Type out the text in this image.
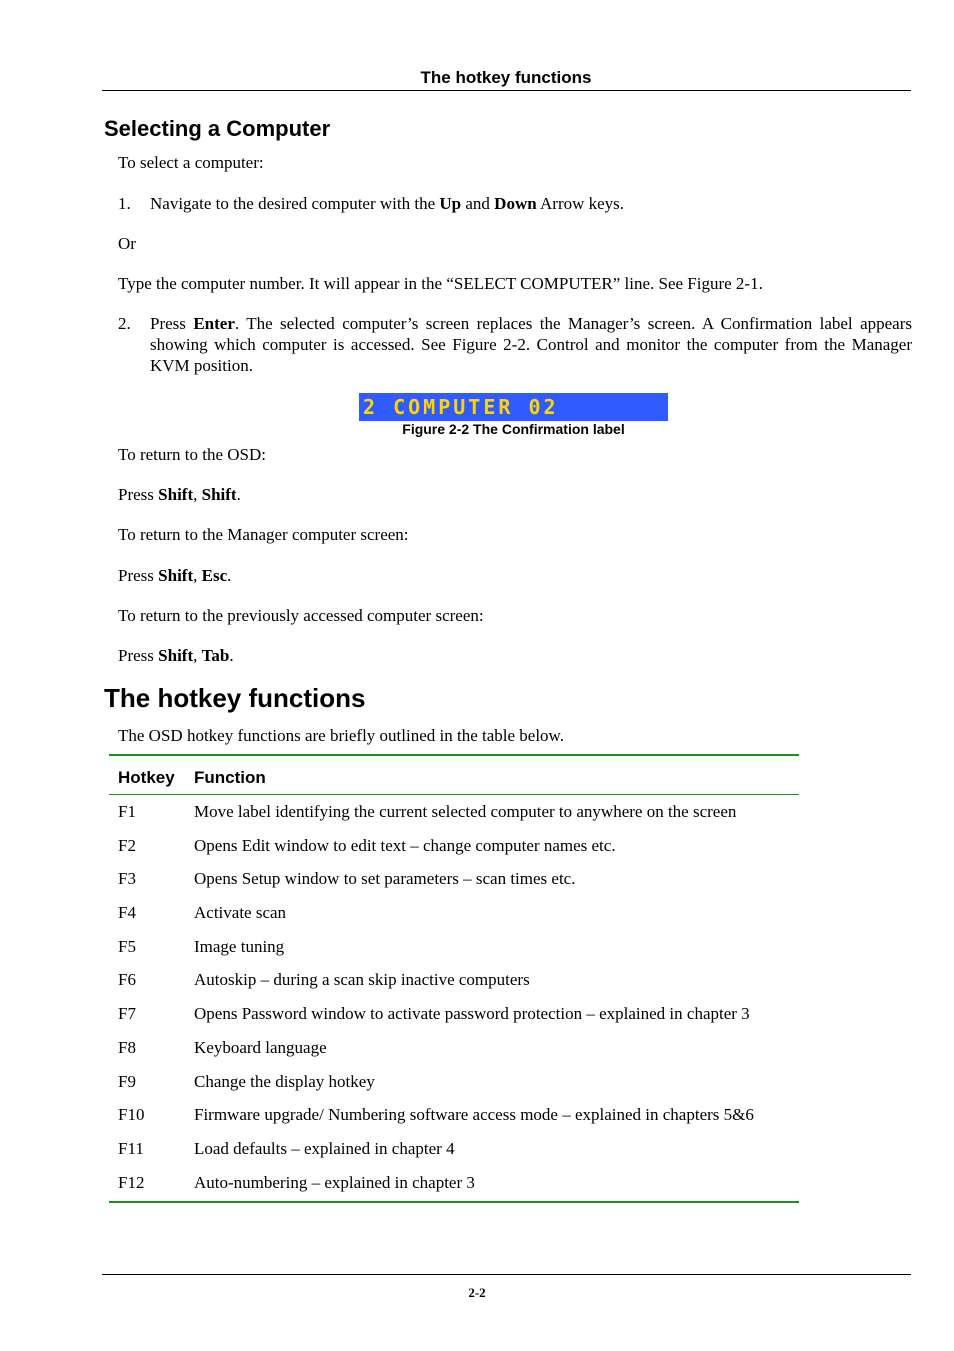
The hotkey functions
Selecting a Computer
To select a computer:
1. Navigate to the desired computer with the Up and Down Arrow keys.
Or
Type the computer number. It will appear in the “SELECT COMPUTER” line. See Figure 2-1.
2. Press Enter. The selected computer’s screen replaces the Manager’s screen. A Confirmation label appears showing which computer is accessed. See Figure 2-2. Control and monitor the computer from the Manager KVM position.
2 COMPUTER 02
Figure 2-2 The Confirmation label
To return to the OSD:
Press Shift, Shift.
To return to the Manager computer screen:
Press Shift, Esc.
To return to the previously accessed computer screen:
Press Shift, Tab.
The hotkey functions
The OSD hotkey functions are briefly outlined in the table below.
Hotkey Function
F1	Move label identifying the current selected computer to anywhere on the screen
F2	Opens Edit window to edit text – change computer names etc.
F3	Opens Setup window to set parameters – scan times etc.
F4	Activate scan
F5	Image tuning
F6	Autoskip – during a scan skip inactive computers
F7	Opens Password window to activate password protection – explained in chapter 3
F8	Keyboard language
F9	Change the display hotkey
F10	Firmware upgrade/ Numbering software access mode – explained in chapters 5&6
F11	Load defaults – explained in chapter 4
F12	Auto-numbering – explained in chapter 3
2-2
